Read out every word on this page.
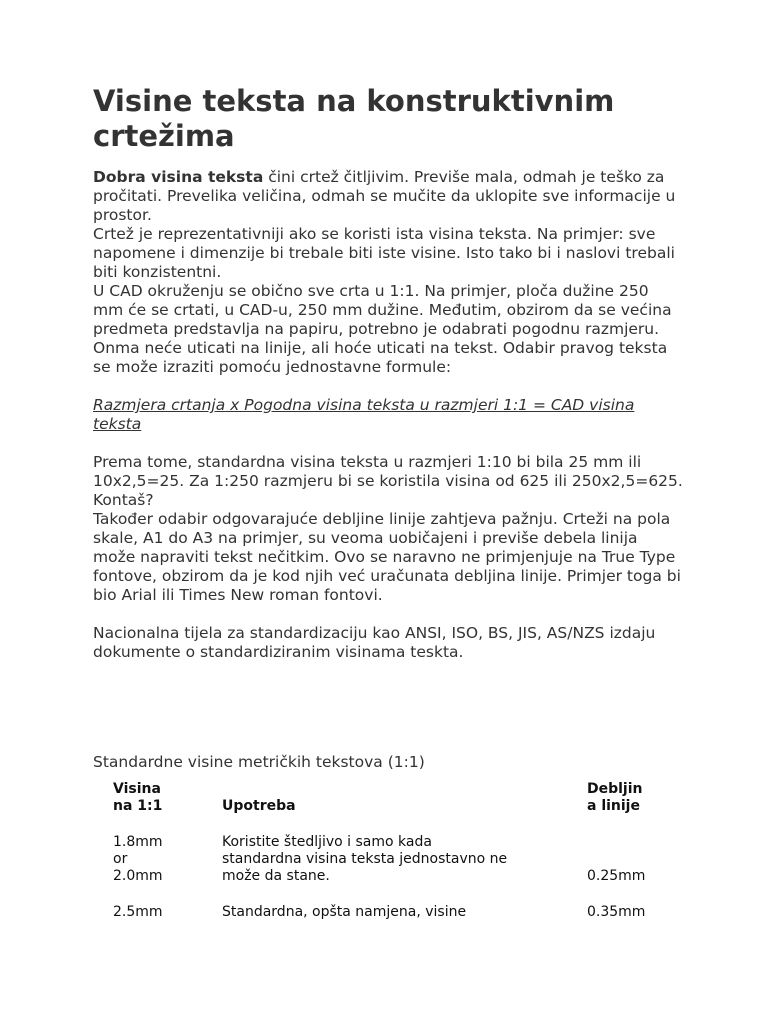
Visine teksta na konstruktivnim crtežima

Dobra visina teksta čini crtež čitljivim. Previše mala, odmah je teško za pročitati. Prevelika veličina, odmah se mučite da uklopite sve informacije u prostor.

Crtež je reprezentativniji ako se koristi ista visina teksta. Na primjer: sve napomene i dimenzije bi trebale biti iste visine. Isto tako bi i naslovi trebali biti konzistentni.

U CAD okruženju se obično sve crta u 1:1. Na primjer, ploča dužine 250 mm će se crtati, u CAD-u, 250 mm dužine. Međutim, obzirom da se većina predmeta predstavlja na papiru, potrebno je odabrati pogodnu razmjeru. Onma neće uticati na linije, ali hoće uticati na tekst. Odabir pravog teksta se može izraziti pomoću jednostavne formule:

Razmjera crtanja x Pogodna visina teksta u razmjeri 1:1 = CAD visina teksta

Prema tome, standardna visina teksta u razmjeri 1:10 bi bila 25 mm ili 10x2,5=25. Za 1:250 razmjeru bi se koristila visina od 625 ili 250x2,5=625. Kontaš?

Također odabir odgovarajuće debljine linije zahtjeva pažnju. Crteži na pola skale, A1 do A3 na primjer, su veoma uobičajeni i previše debela linija može napraviti tekst nečitkim. Ovo se naravno ne primjenjuje na True Type fontove, obzirom da je kod njih već uračunata debljina linije. Primjer toga bi bio Arial ili Times New roman fontovi.

Nacionalna tijela za standardizaciju kao ANSI, ISO, BS, JIS, AS/NZS izdaju dokumente o standardiziranim visinama teskta.

Standardne visine metričkih tekstova (1:1)

Visina
na 1:1	Upotreba	Debljin
a linije

1.8mm
or
2.0mm	Koristite štedljivo i samo kada
standardna visina teksta jednostavno ne
može da stane.	0.25mm

2.5mm	Standardna, opšta namjena, visine	0.35mm
